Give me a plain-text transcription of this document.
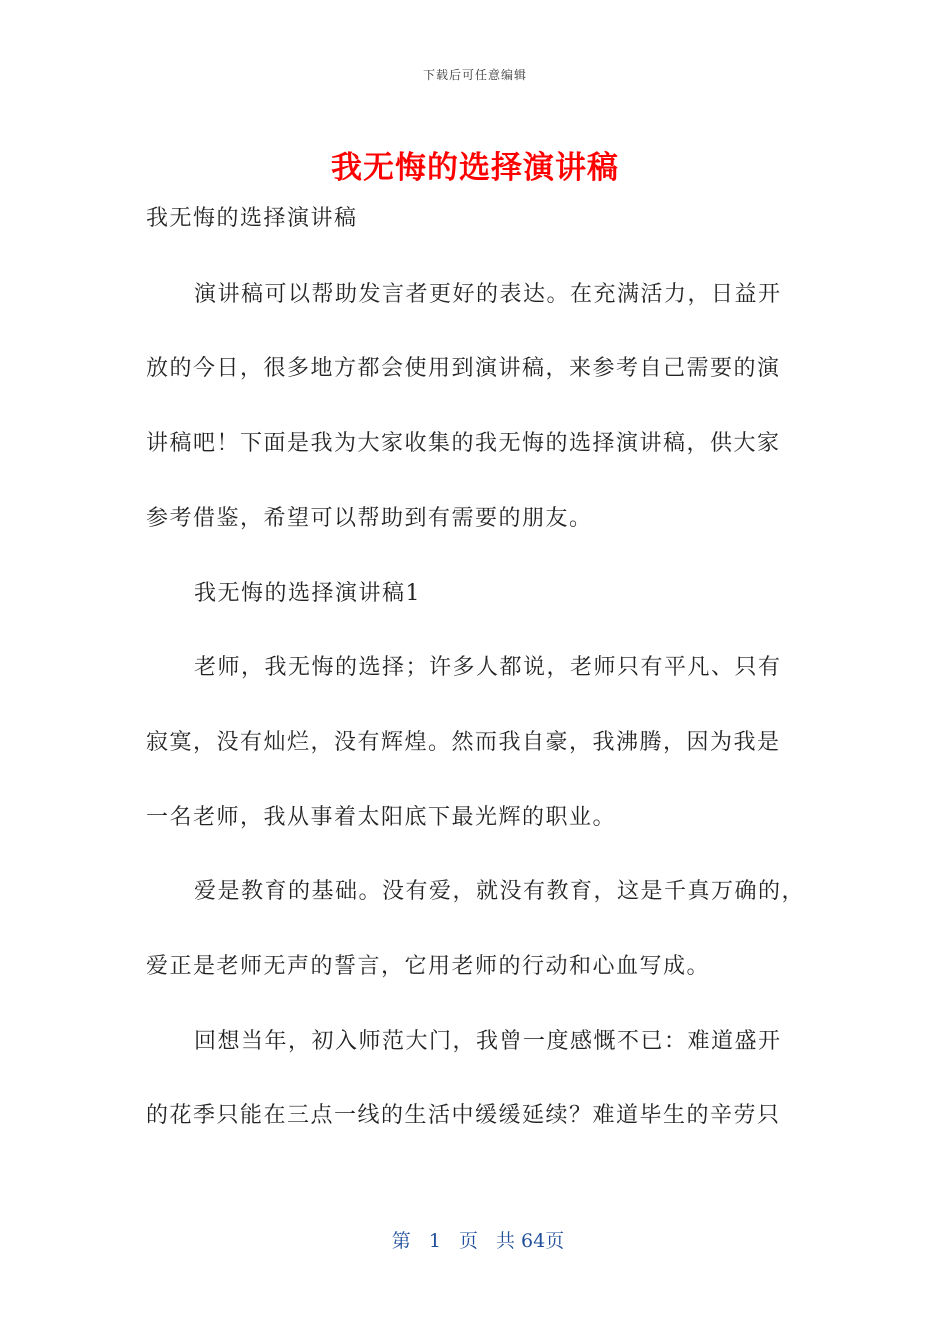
下载后可任意编辑
我无悔的选择演讲稿
我无悔的选择演讲稿
演讲稿可以帮助发言者更好的表达。在充满活力，日益开
放的今日，很多地方都会使用到演讲稿，来参考自己需要的演
讲稿吧！下面是我为大家收集的我无悔的选择演讲稿，供大家
参考借鉴，希望可以帮助到有需要的朋友。
我无悔的选择演讲稿1
老师，我无悔的选择；许多人都说，老师只有平凡、只有
寂寞，没有灿烂，没有辉煌。然而我自豪，我沸腾，因为我是
一名老师，我从事着太阳底下最光辉的职业。
爱是教育的基础。没有爱，就没有教育，这是千真万确的，
爱正是老师无声的誓言，它用老师的行动和心血写成。
回想当年，初入师范大门，我曾一度感慨不已：难道盛开
的花季只能在三点一线的生活中缓缓延续？难道毕生的辛劳只
第 1 页 共 64页
